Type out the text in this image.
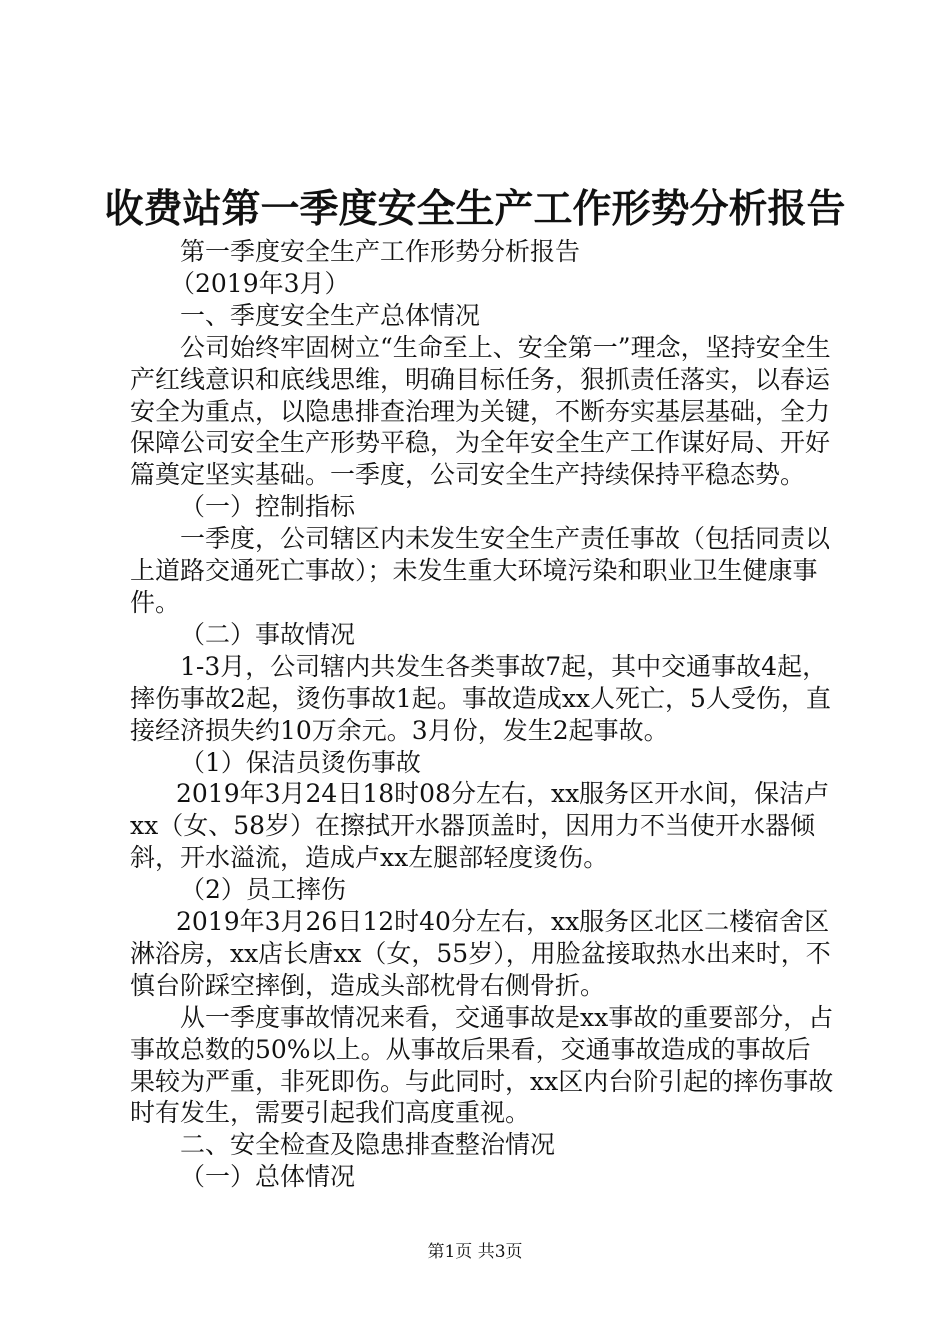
收费站第一季度安全生产工作形势分析报告

第一季度安全生产工作形势分析报告

（2019年3月）

一、季度安全生产总体情况

公司始终牢固树立“生命至上、安全第一”理念，坚持安全生产红线意识和底线思维，明确目标任务，狠抓责任落实，以春运安全为重点，以隐患排查治理为关键，不断夯实基层基础，全力保障公司安全生产形势平稳，为全年安全生产工作谋好局、开好篇奠定坚实基础。一季度，公司安全生产持续保持平稳态势。

（一）控制指标

一季度，公司辖区内未发生安全生产责任事故（包括同责以上道路交通死亡事故）；未发生重大环境污染和职业卫生健康事件。

（二）事故情况

1-3月，公司辖内共发生各类事故7起，其中交通事故4起，摔伤事故2起，烫伤事故1起。事故造成xx人死亡，5人受伤，直接经济损失约10万余元。3月份，发生2起事故。

（1）保洁员烫伤事故

2019年3月24日18时08分左右，xx服务区开水间，保洁卢xx（女、58岁）在擦拭开水器顶盖时，因用力不当使开水器倾斜，开水溢流，造成卢xx左腿部轻度烫伤。

（2）员工摔伤

2019年3月26日12时40分左右，xx服务区北区二楼宿舍区淋浴房，xx店长唐xx（女，55岁），用脸盆接取热水出来时，不慎台阶踩空摔倒，造成头部枕骨右侧骨折。

从一季度事故情况来看，交通事故是xx事故的重要部分，占事故总数的50%以上。从事故后果看，交通事故造成的事故后果较为严重，非死即伤。与此同时，xx区内台阶引起的摔伤事故时有发生，需要引起我们高度重视。

二、安全检查及隐患排查整治情况

（一）总体情况

第1页 共3页
